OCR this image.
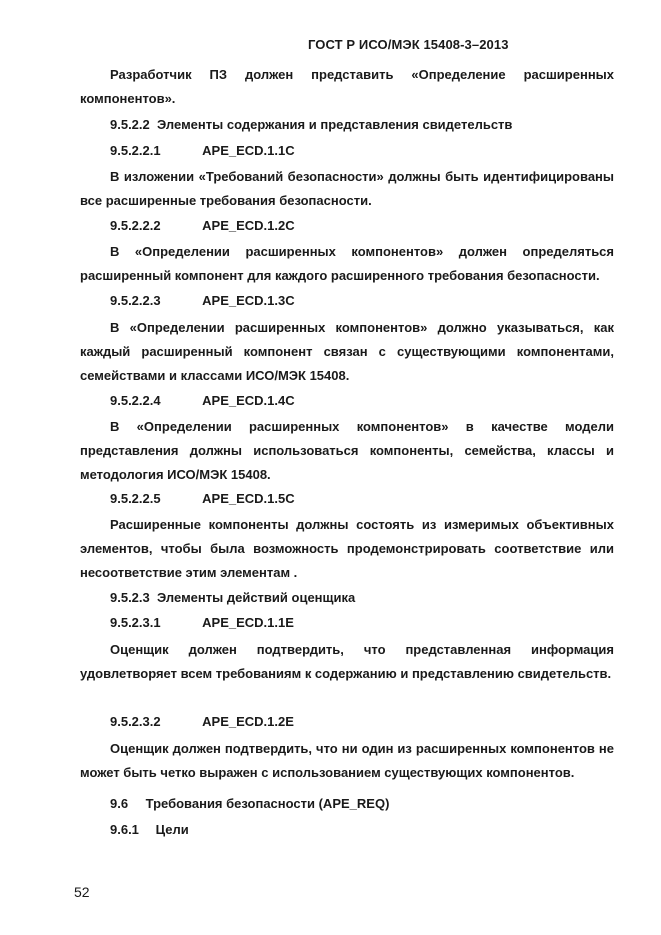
ГОСТ Р ИСО/МЭК 15408-3–2013

Разработчик ПЗ должен представить «Определение расширенных компонентов».

9.5.2.2 Элементы содержания и представления свидетельств
9.5.2.2.1	APE_ECD.1.1C

В изложении «Требований безопасности» должны быть идентифицированы все расширенные требования безопасности.

9.5.2.2.2	APE_ECD.1.2C

В «Определении расширенных компонентов» должен определяться расширенный компонент для каждого расширенного требования безопасности.

9.5.2.2.3	APE_ECD.1.3C

В «Определении расширенных компонентов» должно указываться, как каждый расширенный компонент связан с существующими компонентами, семействами и классами ИСО/МЭК 15408.

9.5.2.2.4	APE_ECD.1.4C

В «Определении расширенных компонентов» в качестве модели представления должны использоваться компоненты, семейства, классы и методология ИСО/МЭК 15408.

9.5.2.2.5	APE_ECD.1.5C

Расширенные компоненты должны состоять из измеримых объективных элементов, чтобы была возможность продемонстрировать соответствие или несоответствие этим элементам .

9.5.2.3 Элементы действий оценщика
9.5.2.3.1	APE_ECD.1.1E

Оценщик должен подтвердить, что представленная информация удовлетворяет всем требованиям к содержанию и представлению свидетельств.

9.5.2.3.2	APE_ECD.1.2E

Оценщик должен подтвердить, что ни один из расширенных компонентов не может быть четко выражен с использованием существующих компонентов.

9.6 Требования безопасности (APE_REQ)
9.6.1 Цели
52
